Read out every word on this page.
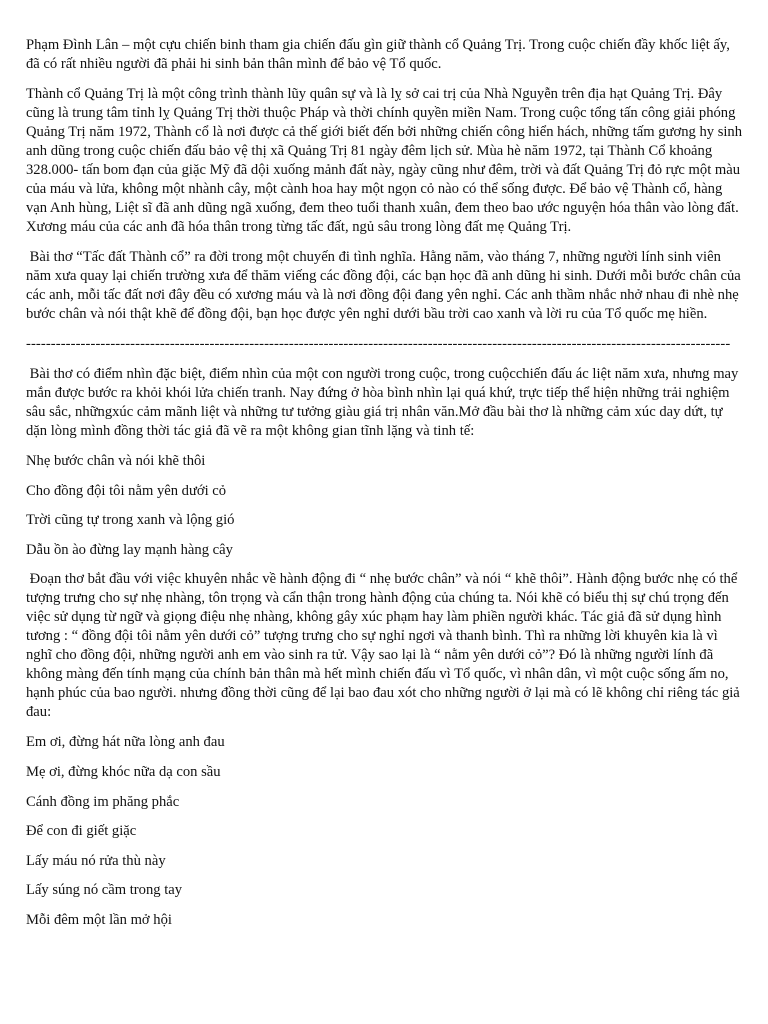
Phạm Đình Lân – một cựu chiến binh tham gia chiến đấu gìn giữ thành cổ Quảng Trị. Trong cuộc chiến đầy khốc liệt ấy, đã có rất nhiều người đã phải hi sinh bản thân mình để bảo vệ Tổ quốc.

Thành cổ Quảng Trị là một công trình thành lũy quân sự và là lỵ sở cai trị của Nhà Nguyễn trên địa hạt Quảng Trị. Đây cũng là trung tâm tỉnh lỵ Quảng Trị thời thuộc Pháp và thời chính quyền miền Nam. Trong cuộc tổng tấn công giải phóng Quảng Trị năm 1972, Thành cổ là nơi được cả thế giới biết đến bởi những chiến công hiển hách, những tấm gương hy sinh anh dũng trong cuộc chiến đấu bảo vệ thị xã Quảng Trị 81 ngày đêm lịch sử. Mùa hè năm 1972, tại Thành Cổ khoảng 328.000- tấn bom đạn của giặc Mỹ đã dội xuống mảnh đất này, ngày cũng như đêm, trời và đất Quảng Trị đỏ rực một màu của máu và lửa, không một nhành cây, một cành hoa hay một ngọn cỏ nào có thể sống được. Để bảo vệ Thành cổ, hàng vạn Anh hùng, Liệt sĩ đã anh dũng ngã xuống, đem theo tuổi thanh xuân, đem theo bao ước nguyện hóa thân vào lòng đất. Xương máu của các anh đã hóa thân trong từng tấc đất, ngủ sâu trong lòng đất mẹ Quảng Trị.

Bài thơ “Tấc đất Thành cổ” ra đời trong một chuyến đi tình nghĩa. Hằng năm, vào tháng 7, những người lính sinh viên năm xưa quay lại chiến trường xưa để thăm viếng các đồng đội, các bạn học đã anh dũng hi sinh. Dưới mỗi bước chân của các anh, mỗi tấc đất nơi đây đều có xương máu và là nơi đồng đội đang yên nghỉ. Các anh thầm nhắc nhở nhau đi nhè nhẹ bước chân và nói thật khẽ để đồng đội, bạn học được yên nghỉ dưới bầu trời cao xanh và lời ru của Tổ quốc mẹ hiền.

----------------------------------------------------------------------------------------------------------------------------------------------

Bài thơ có điểm nhìn đặc biệt, điểm nhìn của một con người trong cuộc, trong cuộcchiến đấu ác liệt năm xưa, nhưng may mắn được bước ra khỏi khói lửa chiến tranh. Nay đứng ở hòa bình nhìn lại quá khứ, trực tiếp thể hiện những trải nghiệm sâu sắc, nhữngxúc cảm mãnh liệt và những tư tưởng giàu giá trị nhân văn.Mở đầu bài thơ là những cảm xúc day dứt, tự dặn lòng mình đồng thời tác giả đã vẽ ra một không gian tĩnh lặng và tinh tế:

Nhẹ bước chân và nói khẽ thôi

Cho đồng đội tôi nằm yên dưới cỏ

Trời cũng tự trong xanh và lộng gió

Dẫu ồn ào đừng lay mạnh hàng cây

Đoạn thơ bắt đầu với việc khuyên nhắc về hành động đi “ nhẹ bước chân” và nói “ khẽ thôi”. Hành động bước nhẹ có thể tượng trưng cho sự nhẹ nhàng, tôn trọng và cẩn thận trong hành động của chúng ta. Nói khẽ có biểu thị sự chú trọng đến việc sử dụng từ ngữ và giọng điệu nhẹ nhàng, không gây xúc phạm hay làm phiền người khác. Tác giả đã sử dụng hình tương : “ đồng đội tôi nằm yên dưới cỏ” tượng trưng cho sự nghỉ ngơi và thanh bình. Thì ra những lời khuyên kia là vì nghĩ cho đồng đội, những người anh em vào sinh ra tử. Vậy sao lại là “ nằm yên dưới cỏ”? Đó là những người lính đã không màng đến tính mạng của chính bản thân mà hết mình chiến đấu vì Tổ quốc, vì nhân dân, vì một cuộc sống ấm no, hạnh phúc của bao người. nhưng đồng thời cũng để lại bao đau xót cho những người ở lại mà có lẽ không chỉ riêng tác giả đau:

Em ơi, đừng hát nữa lòng anh đau

Mẹ ơi, đừng khóc nữa dạ con sầu

Cánh đồng im phăng phắc

Để con đi giết giặc

Lấy máu nó rửa thù này

Lấy súng nó cầm trong tay

Mỗi đêm một lần mở hội
